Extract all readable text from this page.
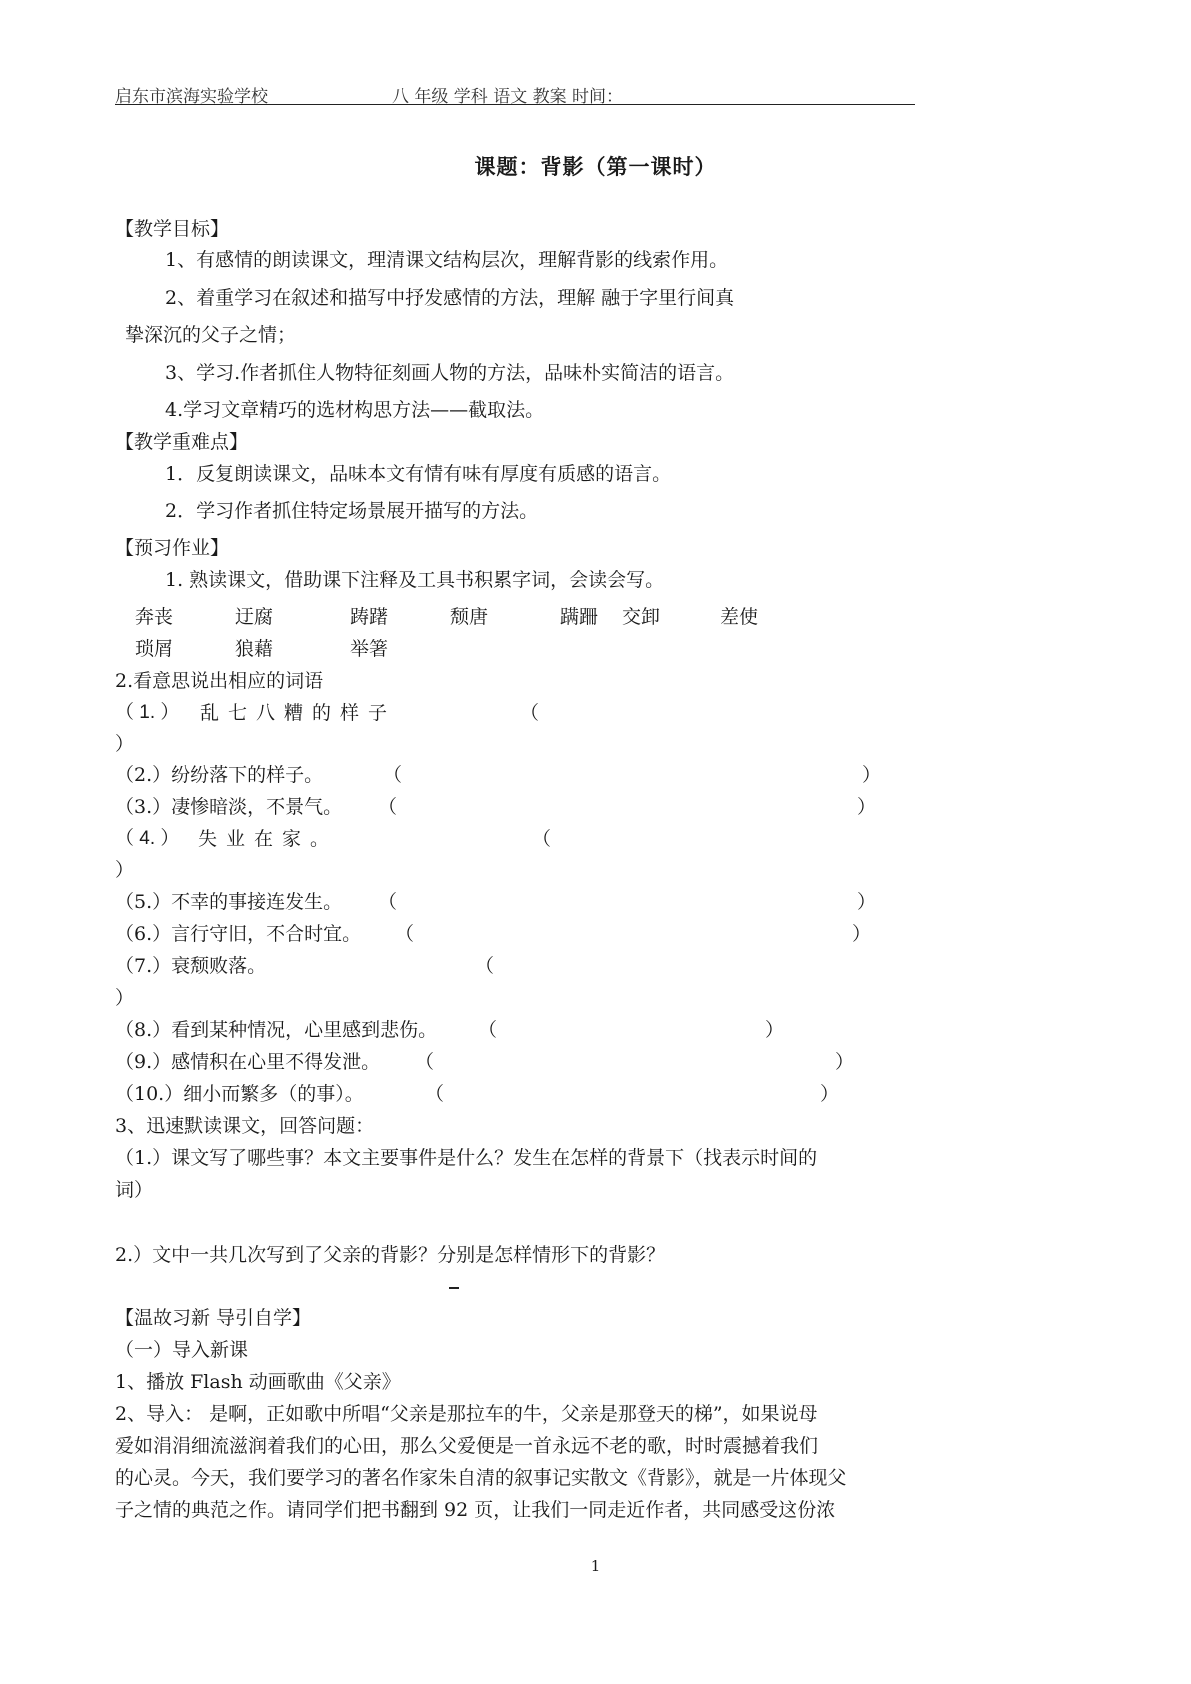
启东市滨海实验学校	八 年级 学科 语文 教案 时间：
课题：背影（第一课时）
【教学目标】
1、有感情的朗读课文，理清课文结构层次，理解背影的线索作用。
2、着重学习在叙述和描写中抒发感情的方法，理解 融于字里行间真
挚深沉的父子之情；
3、学习.作者抓住人物特征刻画人物的方法，品味朴实简洁的语言。
4.学习文章精巧的选材构思方法——截取法。
【教学重难点】
1．反复朗读课文，品味本文有情有味有厚度有质感的语言。
2．学习作者抓住特定场景展开描写的方法。
【预习作业】
1. 熟读课文，借助课下注释及工具书积累字词，会读会写。
奔丧	迂腐	踌躇	颓唐	蹒跚 交卸	差使
琐屑	狼藉	举箸
2.看意思说出相应的词语
（ 1. ） 乱七八糟的样子	（
）
（2.）纷纷落下的样子。	（	）
（3.）凄惨暗淡，不景气。 （	）
（ 4. ） 失业在家。	（
）
（5.）不幸的事接连发生。 （	）
（6.）言行守旧，不合时宜。 （	）
（7.）衰颓败落。	（
）
（8.）看到某种情况，心里感到悲伤。 （	）
（9.）感情积在心里不得发泄。 （	）
（10.）细小而繁多（的事）。	（	）
3、迅速默读课文，回答问题：
（1.）课文写了哪些事？本文主要事件是什么？发生在怎样的背景下（找表示时间的
词）
2.）文中一共几次写到了父亲的背影？分别是怎样情形下的背影？
【温故习新 导引自学】
（一）导入新课
1、播放 Flash 动画歌曲《父亲》
2、导入： 是啊，正如歌中所唱“父亲是那拉车的牛，父亲是那登天的梯”，如果说母
爱如涓涓细流滋润着我们的心田，那么父爱便是一首永远不老的歌，时时震撼着我们
的心灵。今天，我们要学习的著名作家朱自清的叙事记实散文《背影》，就是一片体现父
子之情的典范之作。请同学们把书翻到 92 页，让我们一同走近作者，共同感受这份浓
1
